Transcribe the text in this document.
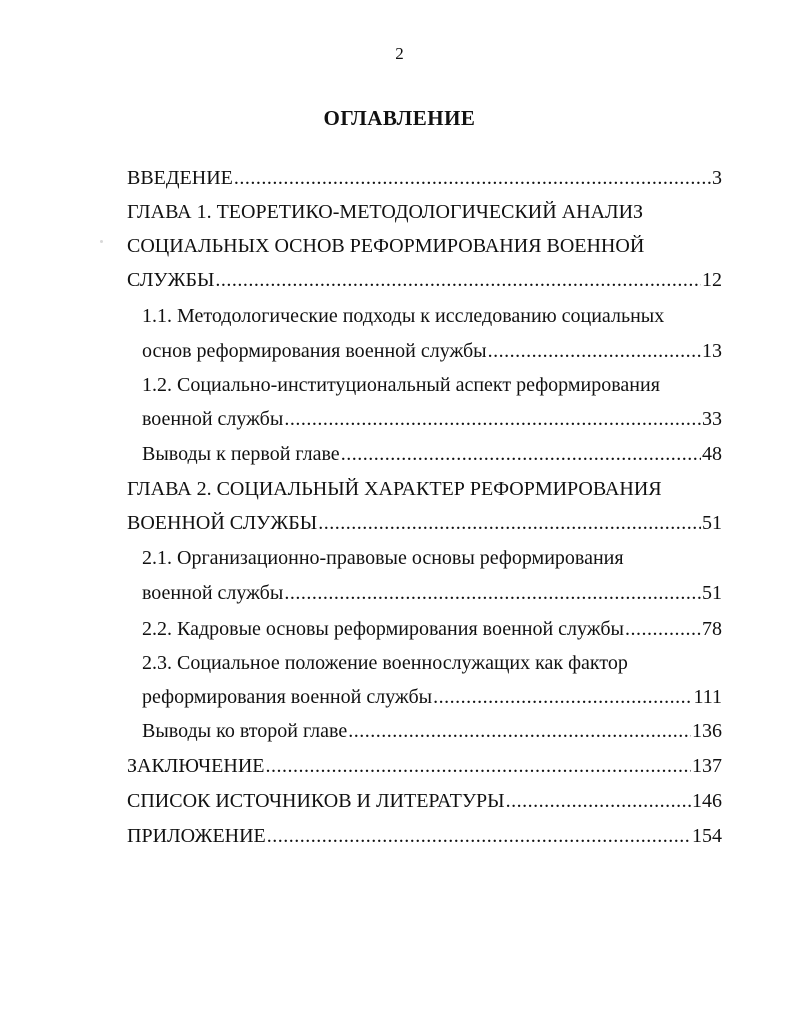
2
ОГЛАВЛЕНИЕ
ВВЕДЕНИЕ .....	3
ГЛАВА 1. ТЕОРЕТИКО-МЕТОДОЛОГИЧЕСКИЙ АНАЛИЗ
СОЦИАЛЬНЫХ ОСНОВ РЕФОРМИРОВАНИЯ ВОЕННОЙ
СЛУЖБЫ .....	12
1.1. Методологические подходы к исследованию социальных
основ реформирования военной службы .....	13
1.2. Социально-институциональный аспект реформирования
военной службы .....	33
Выводы к первой главе .....	48
ГЛАВА 2. СОЦИАЛЬНЫЙ ХАРАКТЕР РЕФОРМИРОВАНИЯ
ВОЕННОЙ СЛУЖБЫ .....	51
2.1. Организационно-правовые основы реформирования
военной службы .....	51
2.2. Кадровые основы реформирования военной службы .....	78
2.3. Социальное положение военнослужащих как фактор
реформирования военной службы .....	111
Выводы ко второй главе .....	136
ЗАКЛЮЧЕНИЕ .....	137
СПИСОК ИСТОЧНИКОВ И ЛИТЕРАТУРЫ .....	146
ПРИЛОЖЕНИЕ .....	154
